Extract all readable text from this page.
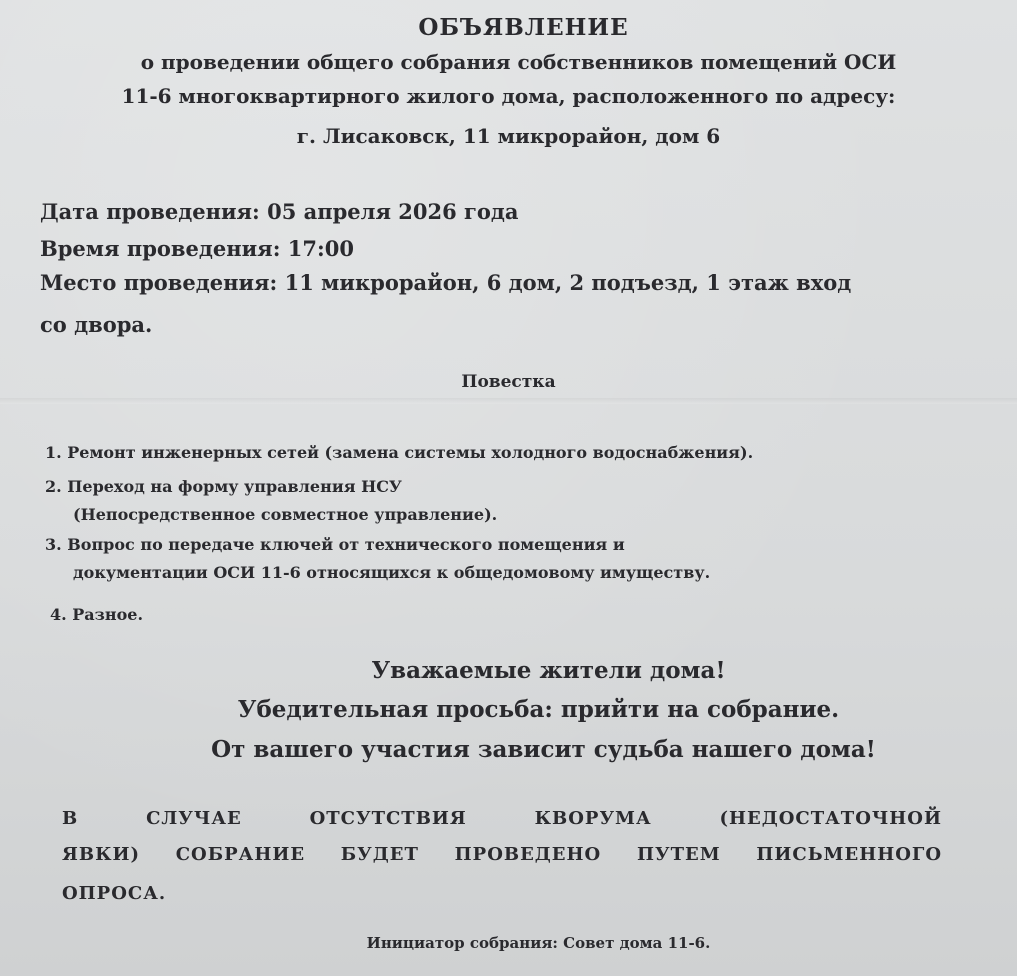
ОБЪЯВЛЕНИЕ
о проведении общего собрания собственников помещений ОСИ
11-6 многоквартирного жилого дома, расположенного по адресу:
г. Лисаковск, 11 микрорайон, дом 6
Дата проведения: 05 апреля 2026 года
Время проведения: 17:00
Место проведения: 11 микрорайон, 6 дом, 2 подъезд, 1 этаж вход
со двора.
Повестка
1. Ремонт инженерных сетей (замена системы холодного водоснабжения).
2. Переход на форму управления НСУ
(Непосредственное совместное управление).
3. Вопрос по передаче ключей от технического помещения и
документации ОСИ 11-6 относящихся к общедомовому имуществу.
4. Разное.
Уважаемые жители дома!
Убедительная просьба: прийти на собрание.
От вашего участия зависит судьба нашего дома!
В СЛУЧАЕ ОТСУТСТВИЯ КВОРУМА (НЕДОСТАТОЧНОЙ
ЯВКИ) СОБРАНИЕ БУДЕТ ПРОВЕДЕНО ПУТЕМ ПИСЬМЕННОГО
ОПРОСА.
Инициатор собрания: Совет дома 11-6.
